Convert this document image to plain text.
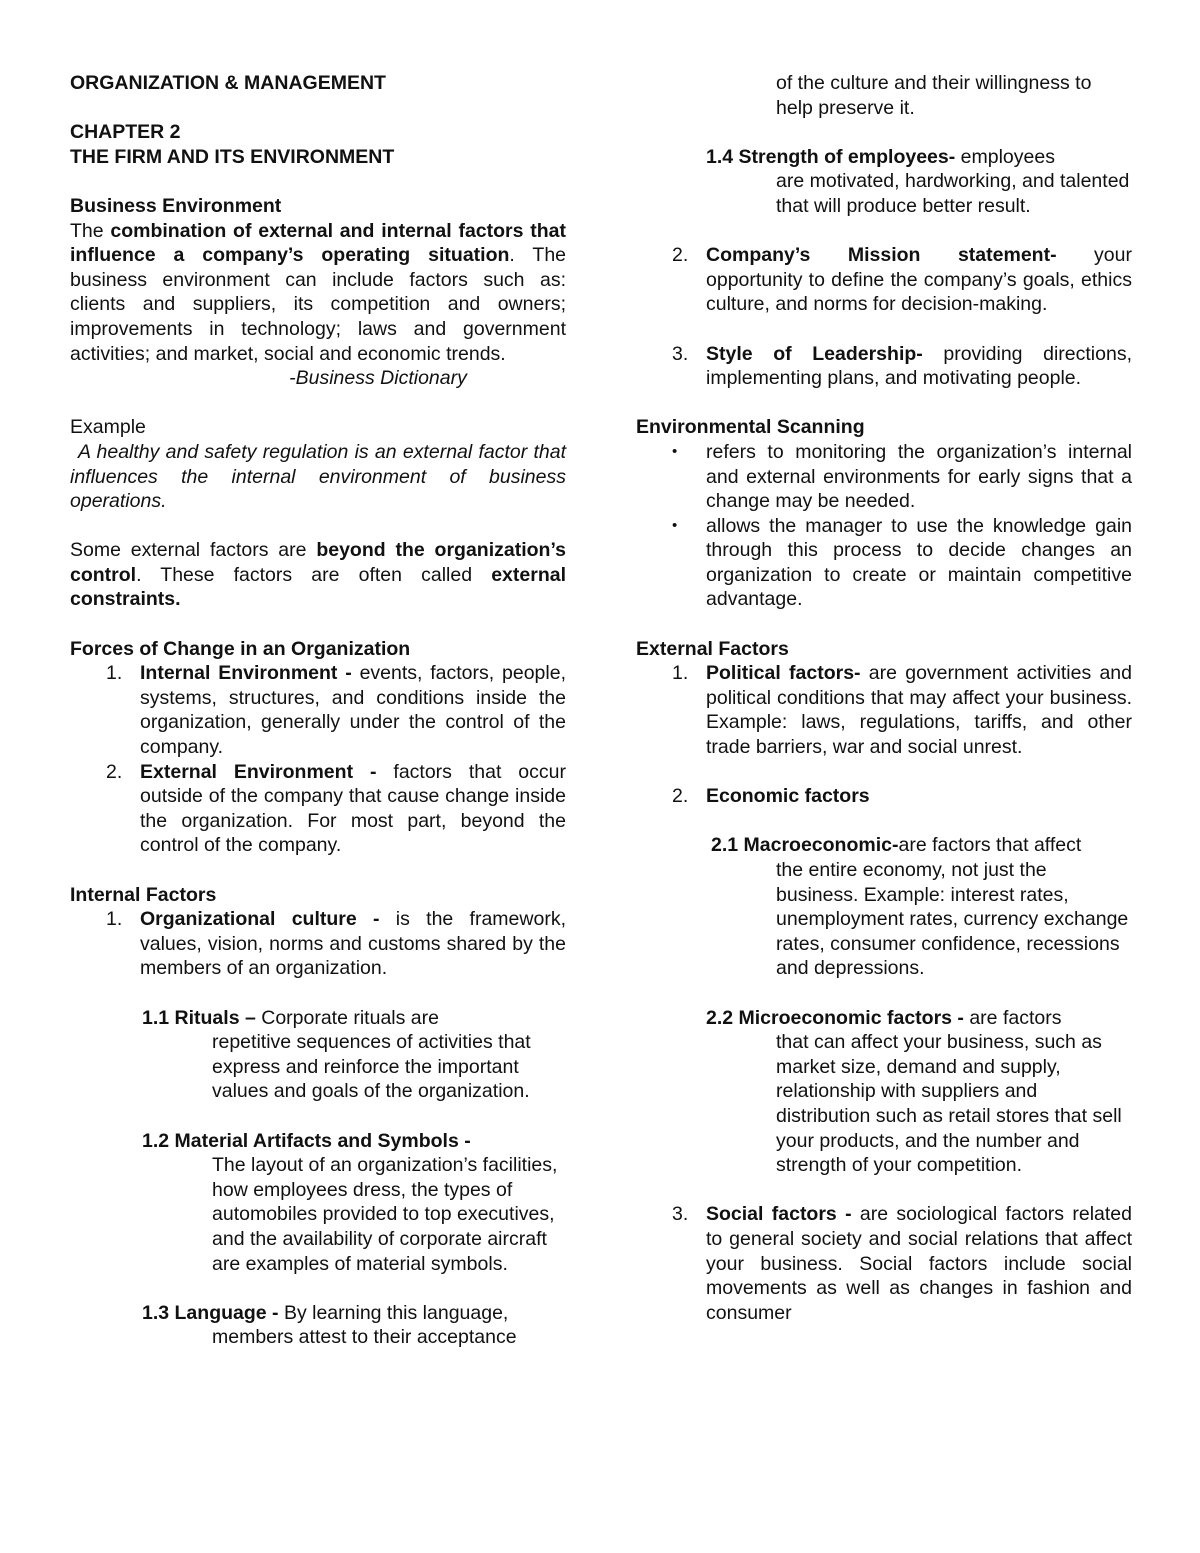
ORGANIZATION & MANAGEMENT

CHAPTER 2

THE FIRM AND ITS ENVIRONMENT

Business Environment

The combination of external and internal factors that influence a company’s operating situation. The business environment can include factors such as: clients and suppliers, its competition and owners; improvements in technology; laws and government activities; and market, social and economic trends.

-Business Dictionary

Example

A healthy and safety regulation is an external factor that influences the internal environment of business operations.

Some external factors are beyond the organization’s control. These factors are often called external constraints.

Forces of Change in an Organization

1. Internal Environment - events, factors, people, systems, structures, and conditions inside the organization, generally under the control of the company.
2. External Environment - factors that occur outside of the company that cause change inside the organization. For most part, beyond the control of the company.

Internal Factors

1. Organizational culture - is the framework, values, vision, norms and customs shared by the members of an organization.

1.1 Rituals – Corporate rituals are

repetitive sequences of activities that express and reinforce the important values and goals of the organization.

1.2 Material Artifacts and Symbols -

The layout of an organization’s facilities, how employees dress, the types of automobiles provided to top executives, and the availability of corporate aircraft are examples of material symbols.

1.3 Language - By learning this language,

members attest to their acceptance

of the culture and their willingness to help preserve it.

1.4 Strength of employees- employees

are motivated, hardworking, and talented that will produce better result.

2. Company’s Mission statement- your opportunity to define the company’s goals, ethics culture, and norms for decision-making.
3. Style of Leadership- providing directions, implementing plans, and motivating people.

Environmental Scanning

• refers to monitoring the organization’s internal and external environments for early signs that a change may be needed.
• allows the manager to use the knowledge gain through this process to decide changes an organization to create or maintain competitive advantage.

External Factors

1. Political factors- are government activities and political conditions that may affect your business. Example: laws, regulations, tariffs, and other trade barriers, war and social unrest.
2. Economic factors

2.1 Macroeconomic-are factors that affect

the entire economy, not just the business. Example: interest rates, unemployment rates, currency exchange rates, consumer confidence, recessions and depressions.

2.2 Microeconomic factors - are factors

that can affect your business, such as market size, demand and supply, relationship with suppliers and distribution such as retail stores that sell your products, and the number and strength of your competition.

3. Social factors - are sociological factors related to general society and social relations that affect your business. Social factors include social movements as well as changes in fashion and consumer
